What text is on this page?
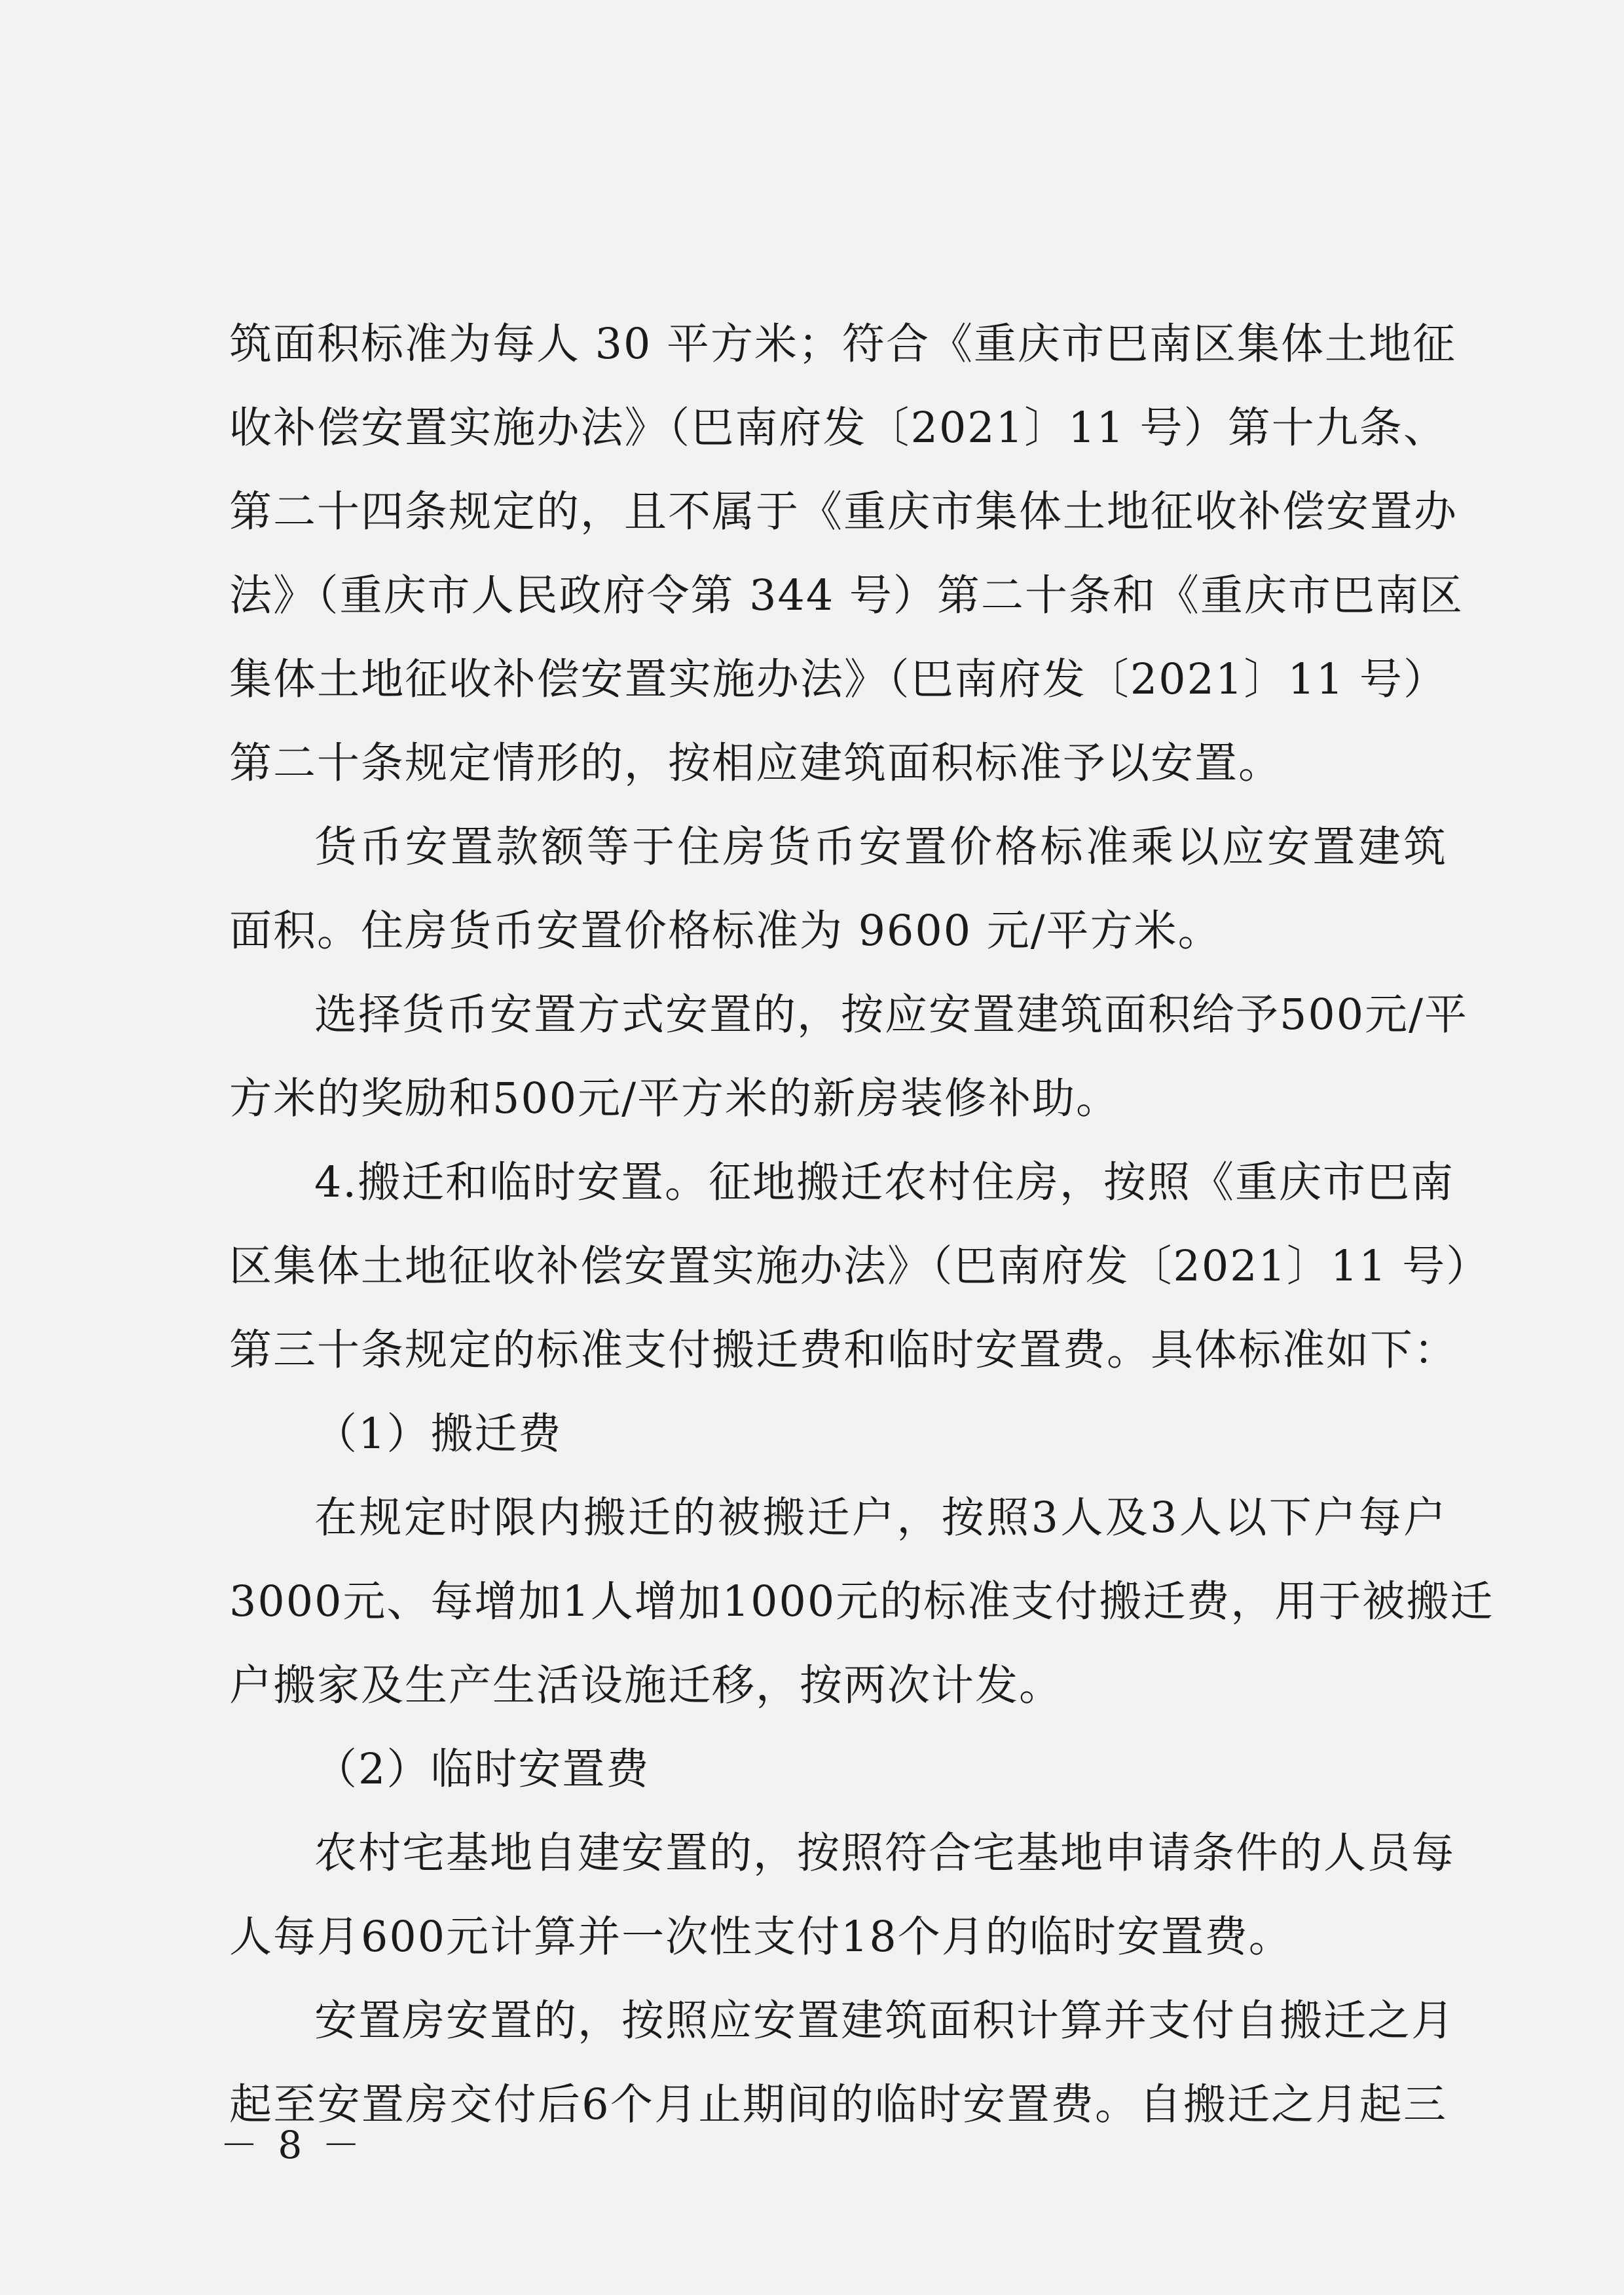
筑面积标准为每人 30 平方米；符合《重庆市巴南区集体土地征
收补偿安置实施办法》（巴南府发〔2021〕11 号）第十九条、
第二十四条规定的，且不属于《重庆市集体土地征收补偿安置办
法》（重庆市人民政府令第 344 号）第二十条和《重庆市巴南区
集体土地征收补偿安置实施办法》（巴南府发〔2021〕11 号）
第二十条规定情形的，按相应建筑面积标准予以安置。
货币安置款额等于住房货币安置价格标准乘以应安置建筑
面积。住房货币安置价格标准为 9600 元/平方米。
选择货币安置方式安置的，按应安置建筑面积给予500元/平
方米的奖励和500元/平方米的新房装修补助。
4.搬迁和临时安置。征地搬迁农村住房，按照《重庆市巴南
区集体土地征收补偿安置实施办法》（巴南府发〔2021〕11 号）
第三十条规定的标准支付搬迁费和临时安置费。具体标准如下：
（1）搬迁费
在规定时限内搬迁的被搬迁户，按照3人及3人以下户每户
3000元、每增加1人增加1000元的标准支付搬迁费，用于被搬迁
户搬家及生产生活设施迁移，按两次计发。
（2）临时安置费
农村宅基地自建安置的，按照符合宅基地申请条件的人员每
人每月600元计算并一次性支付18个月的临时安置费。
安置房安置的，按照应安置建筑面积计算并支付自搬迁之月
起至安置房交付后6个月止期间的临时安置费。自搬迁之月起三
－ 8 －
